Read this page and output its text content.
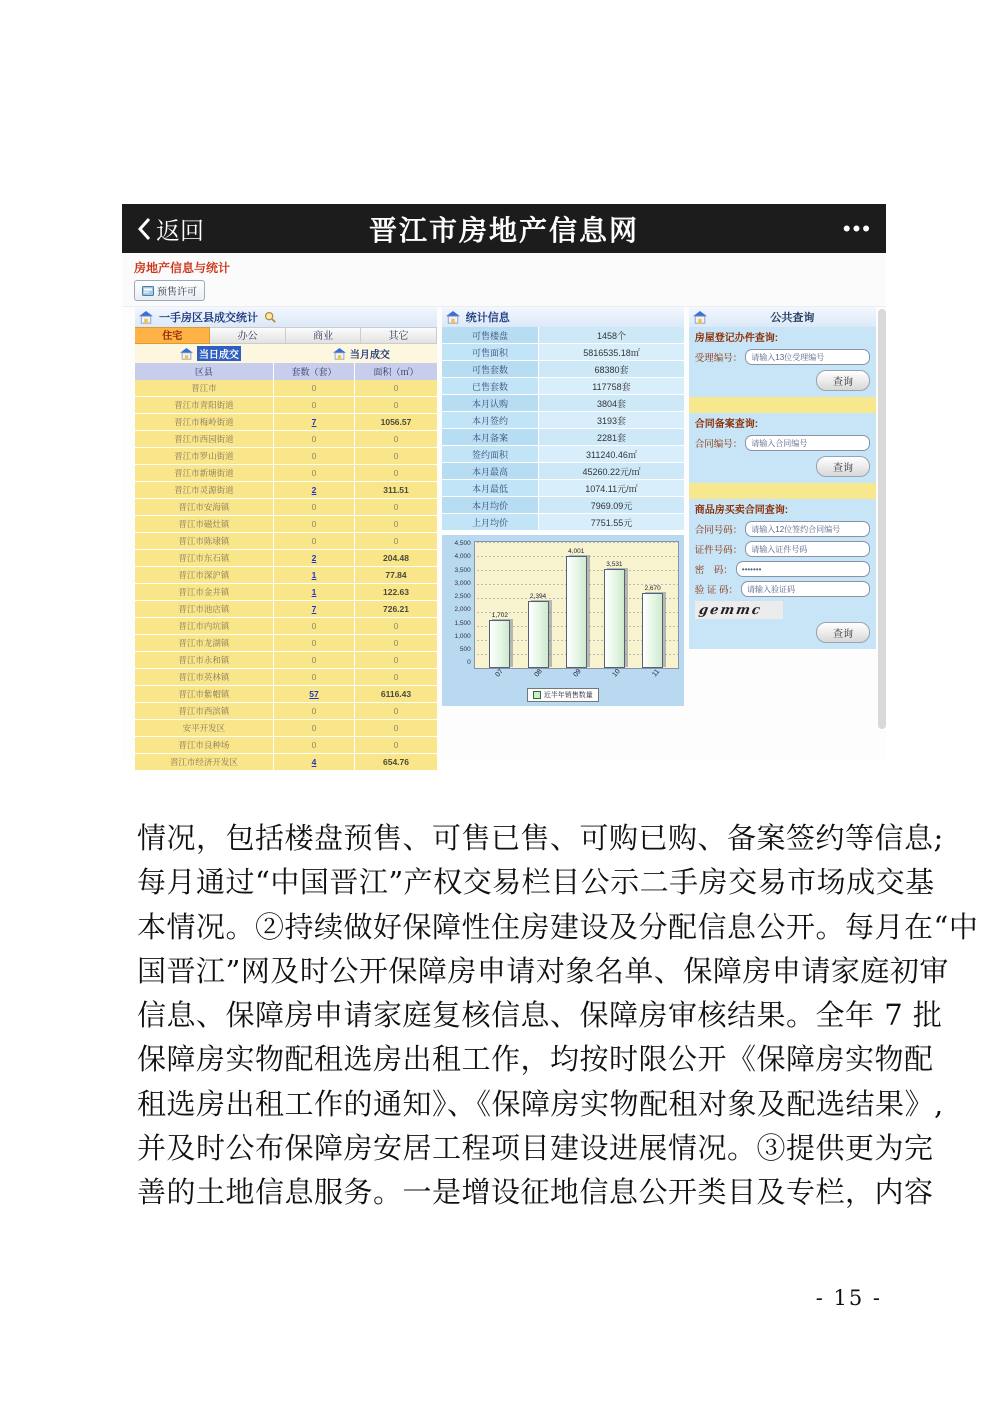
返回	晋江市房地产信息网	•••
房地产信息与统计
预售许可
一手房区县成交统计
住宅	办公	商业	其它
当日成交	当月成交
区县	套数（套）	面积（㎡）
晋江市	0	0
晋江市青阳街道	0	0
晋江市梅岭街道	7	1056.57
晋江市西园街道	0	0
晋江市罗山街道	0	0
晋江市新塘街道	0	0
晋江市灵源街道	2	311.51
晋江市安海镇	0	0
晋江市磁灶镇	0	0
晋江市陈埭镇	0	0
晋江市东石镇	2	204.48
晋江市深沪镇	1	77.84
晋江市金井镇	1	122.63
晋江市池店镇	7	726.21
晋江市内坑镇	0	0
晋江市龙湖镇	0	0
晋江市永和镇	0	0
晋江市英林镇	0	0
晋江市紫帽镇	57	6116.43
晋江市西滨镇	0	0
安平开发区	0	0
晋江市良种场	0	0
晋江市经济开发区	4	654.76
统计信息
可售楼盘	1458个
可售面积	5816535.18㎡
可售套数	68380套
已售套数	117758套
本月认购	3804套
本月签约	3193套
本月备案	2281套
签约面积	311240.46㎡
本月最高	45260.22元/㎡
本月最低	1074.11元/㎡
本月均价	7969.09元
上月均价	7751.55元
4,500
4,000
3,500
3,000
2,500
2,000
1,500
1,000
500
0
1,702
2,394
4,001
3,531
2,670
07	08	09	10	11
近半年销售数量
公共查询
房屋登记办件查询:
受理编号：
请输入13位受理编号
查询
合同备案查询:
合同编号：
请输入合同编号
查询
商品房买卖合同查询:
合同号码：
请输入12位签约合同编号
证件号码：
请输入证件号码
密　码：
•••••••
验 证 码：
请输入验证码
gemmc
查询
情况，包括楼盘预售、可售已售、可购已购、备案签约等信息;
每月通过“中国晋江”产权交易栏目公示二手房交易市场成交基
本情况。②持续做好保障性住房建设及分配信息公开。每月在“中
国晋江”网及时公开保障房申请对象名单、保障房申请家庭初审
信息、保障房申请家庭复核信息、保障房审核结果。全年 7 批
保障房实物配租选房出租工作，均按时限公开《保障房实物配
租选房出租工作的通知》、《保障房实物配租对象及配选结果》,
并及时公布保障房安居工程项目建设进展情况。③提供更为完
善的土地信息服务。一是增设征地信息公开类目及专栏，内容
- 15 -
